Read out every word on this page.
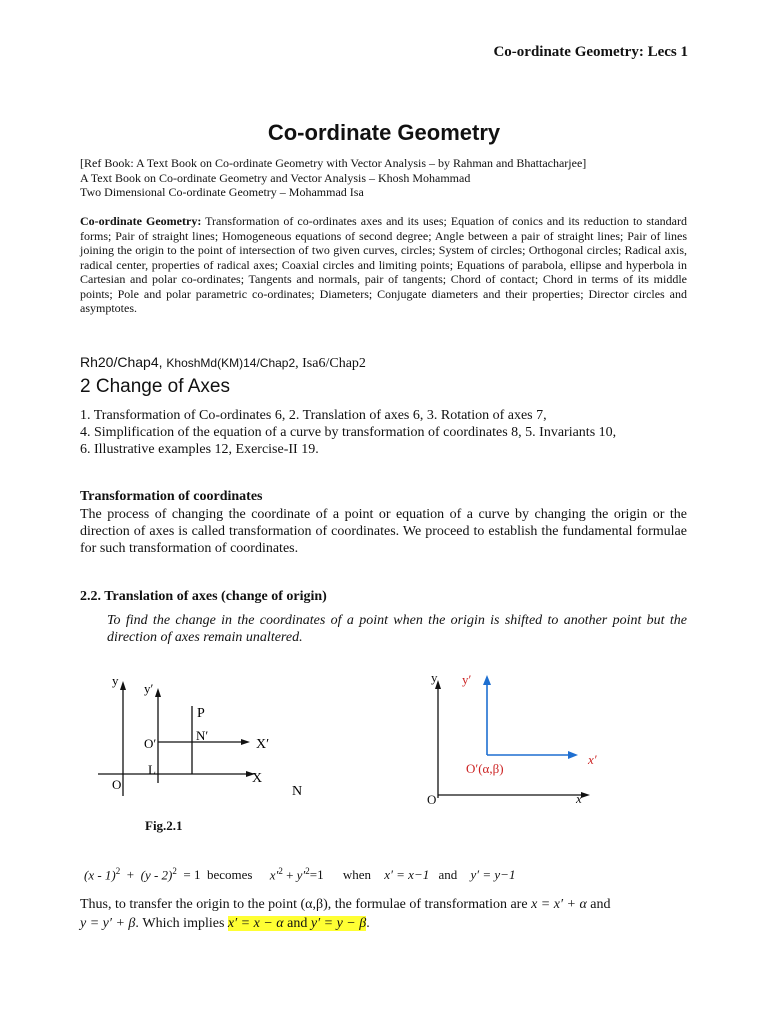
Co-ordinate Geometry: Lecs 1
Co-ordinate Geometry
[Ref Book: A Text Book on Co-ordinate Geometry with Vector Analysis – by Rahman and Bhattacharjee]
A Text Book on Co-ordinate Geometry and Vector Analysis – Khosh Mohammad
Two Dimensional Co-ordinate Geometry – Mohammad Isa
Co-ordinate Geometry: Transformation of co-ordinates axes and its uses; Equation of conics and its reduction to standard forms; Pair of straight lines; Homogeneous equations of second degree; Angle between a pair of straight lines; Pair of lines joining the origin to the point of intersection of two given curves, circles; System of circles; Orthogonal circles; Radical axis, radical center, properties of radical axes; Coaxial circles and limiting points; Equations of parabola, ellipse and hyperbola in Cartesian and polar co-ordinates; Tangents and normals, pair of tangents; Chord of contact; Chord in terms of its middle points; Pole and polar parametric co-ordinates; Diameters; Conjugate diameters and their properties; Director circles and asymptotes.
Rh20/Chap4, KhoshMd(KM)14/Chap2, Isa6/Chap2
2 Change of Axes
1. Transformation of Co-ordinates 6, 2. Translation of axes 6, 3. Rotation of axes 7,
4. Simplification of the equation of a curve by transformation of coordinates 8, 5. Invariants 10,
6. Illustrative examples 12, Exercise-II 19.
Transformation of coordinates
The process of changing the coordinate of a point or equation of a curve by changing the origin or the direction of axes is called transformation of coordinates. We proceed to establish the fundamental formulae for such transformation of coordinates.
2.2. Translation of axes (change of origin)
To find the change in the coordinates of a point when the origin is shifted to another point but the direction of axes remain unaltered.
y
y′
P
N′
O′	X′
L
O	X
N
y y′
x′
O′(α,β)
O	x
Fig.2.1
(x - 1)$^2$  +  (y - 2)$^2$  = 1  becomes $x'^2 + y'^2=1$ when x′ = x−1 and y′ = y−1
Thus, to transfer the origin to the point (α,β), the formulae of transformation are x = x′ + α and
y = y′ + β. Which implies x′ = x − α and y′ = y − β.
